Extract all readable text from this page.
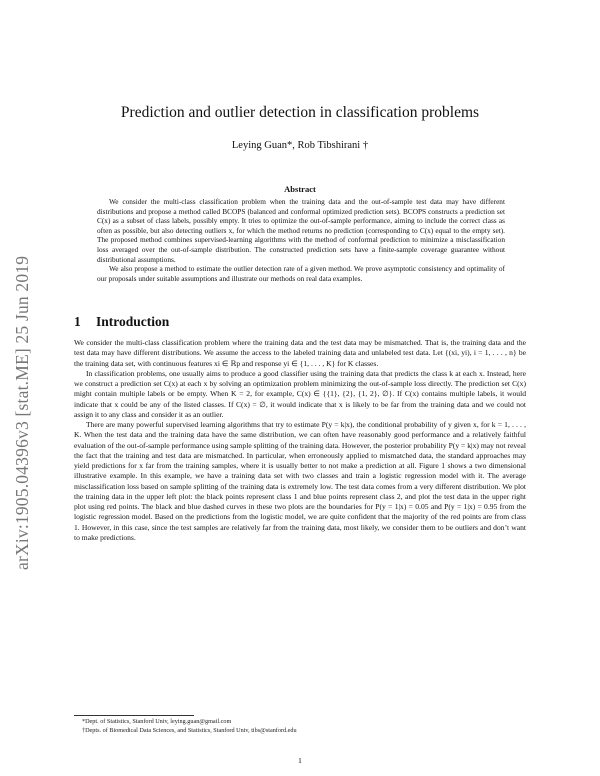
arXiv:1905.04396v3 [stat.ME] 25 Jun 2019
Prediction and outlier detection in classification problems
Leying Guan*, Rob Tibshirani †
Abstract

We consider the multi-class classification problem when the training data and the out-of-sample test data may have different distributions and propose a method called BCOPS (balanced and conformal optimized prediction sets). BCOPS constructs a prediction set C(x) as a subset of class labels, possibly empty. It tries to optimize the out-of-sample performance, aiming to include the correct class as often as possible, but also detecting outliers x, for which the method returns no prediction (corresponding to C(x) equal to the empty set). The proposed method combines supervised-learning algorithms with the method of conformal prediction to minimize a misclassification loss averaged over the out-of-sample distribution. The constructed prediction sets have a finite-sample coverage guarantee without distributional assumptions.

We also propose a method to estimate the outlier detection rate of a given method. We prove asymptotic consistency and optimality of our proposals under suitable assumptions and illustrate our methods on real data examples.

1 Introduction

We consider the multi-class classification problem where the training data and the test data may be mismatched. That is, the training data and the test data may have different distributions. We assume the access to the labeled training data and unlabeled test data. Let {(xi, yi), i = 1, . . . , n} be the training data set, with continuous features xi ∈ ℝp and response yi ∈ {1, . . . , K} for K classes.

In classification problems, one usually aims to produce a good classifier using the training data that predicts the class k at each x. Instead, here we construct a prediction set C(x) at each x by solving an optimization problem minimizing the out-of-sample loss directly. The prediction set C(x) might contain multiple labels or be empty. When K = 2, for example, C(x) ∈ {{1}, {2}, {1, 2}, ∅}. If C(x) contains multiple labels, it would indicate that x could be any of the listed classes. If C(x) = ∅, it would indicate that x is likely to be far from the training data and we could not assign it to any class and consider it as an outlier.

There are many powerful supervised learning algorithms that try to estimate P(y = k|x), the conditional probability of y given x, for k = 1, . . . , K. When the test data and the training data have the same distribution, we can often have reasonably good performance and a relatively faithful evaluation of the out-of-sample performance using sample splitting of the training data. However, the posterior probability P(y = k|x) may not reveal the fact that the training and test data are mismatched. In particular, when erroneously applied to mismatched data, the standard approaches may yield predictions for x far from the training samples, where it is usually better to not make a prediction at all. Figure 1 shows a two dimensional illustrative example. In this example, we have a training data set with two classes and train a logistic regression model with it. The average misclassification loss based on sample splitting of the training data is extremely low. The test data comes from a very different distribution. We plot the training data in the upper left plot: the black points represent class 1 and blue points represent class 2, and plot the test data in the upper right plot using red points. The black and blue dashed curves in these two plots are the boundaries for P(y = 1|x) = 0.05 and P(y = 1|x) = 0.95 from the logistic regression model. Based on the predictions from the logistic model, we are quite confident that the majority of the red points are from class 1. However, in this case, since the test samples are relatively far from the training data, most likely, we consider them to be outliers and don’t want to make predictions.

*Dept. of Statistics, Stanford Univ, leying.guan@gmail.com
†Depts. of Biomedical Data Sciences, and Statistics, Stanford Univ, tibs@stanford.edu
1
